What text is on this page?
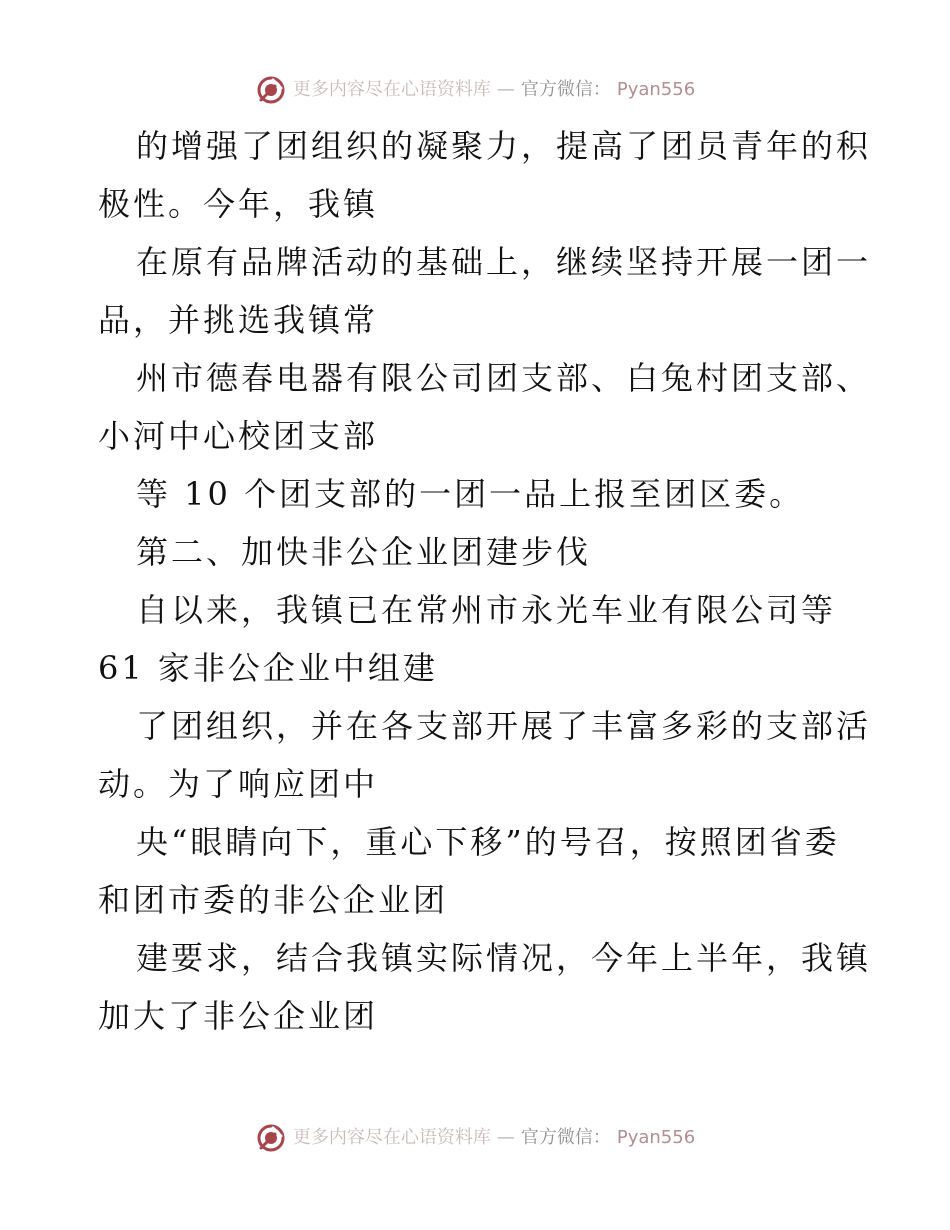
更多内容尽在心语资料库 — 官方微信： Pyan556
的增强了团组织的凝聚力，提高了团员青年的积
极性。今年，我镇
在原有品牌活动的基础上，继续坚持开展一团一
品，并挑选我镇常
州市德春电器有限公司团支部、白兔村团支部、
小河中心校团支部
等 10 个团支部的一团一品上报至团区委。
第二、加快非公企业团建步伐
自以来，我镇已在常州市永光车业有限公司等
61 家非公企业中组建
了团组织，并在各支部开展了丰富多彩的支部活
动。为了响应团中
央“眼睛向下，重心下移”的号召，按照团省委
和团市委的非公企业团
建要求，结合我镇实际情况，今年上半年，我镇
加大了非公企业团
更多内容尽在心语资料库 — 官方微信： Pyan556
